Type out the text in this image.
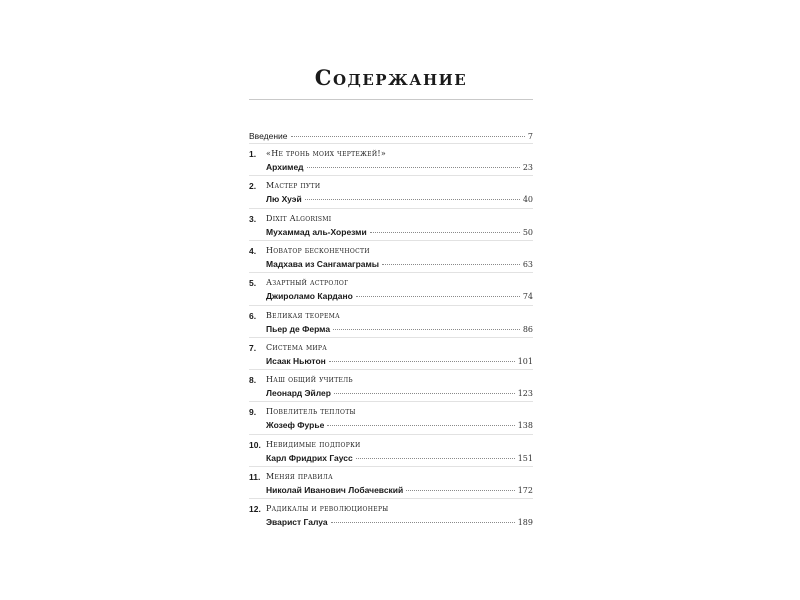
Содержание
Введение	7
1. «Не тронь моих чертежей!»
Архимед	23
2. Мастер пути
Лю Хуэй	40
3. Dixit Algorismi
Мухаммад аль-Хорезми	50
4. Новатор бесконечности
Мадхава из Сангамаграмы	63
5. Азартный астролог
Джироламо Кардано	74
6. Великая теорема
Пьер де Ферма	86
7. Система мира
Исаак Ньютон	101
8. Наш общий учитель
Леонард Эйлер	123
9. Повелитель теплоты
Жозеф Фурье	138
10. Невидимые подпорки
Карл Фридрих Гаусс	151
11. Меняя правила
Николай Иванович Лобачевский	172
12. Радикалы и революционеры
Эварист Галуа	189
